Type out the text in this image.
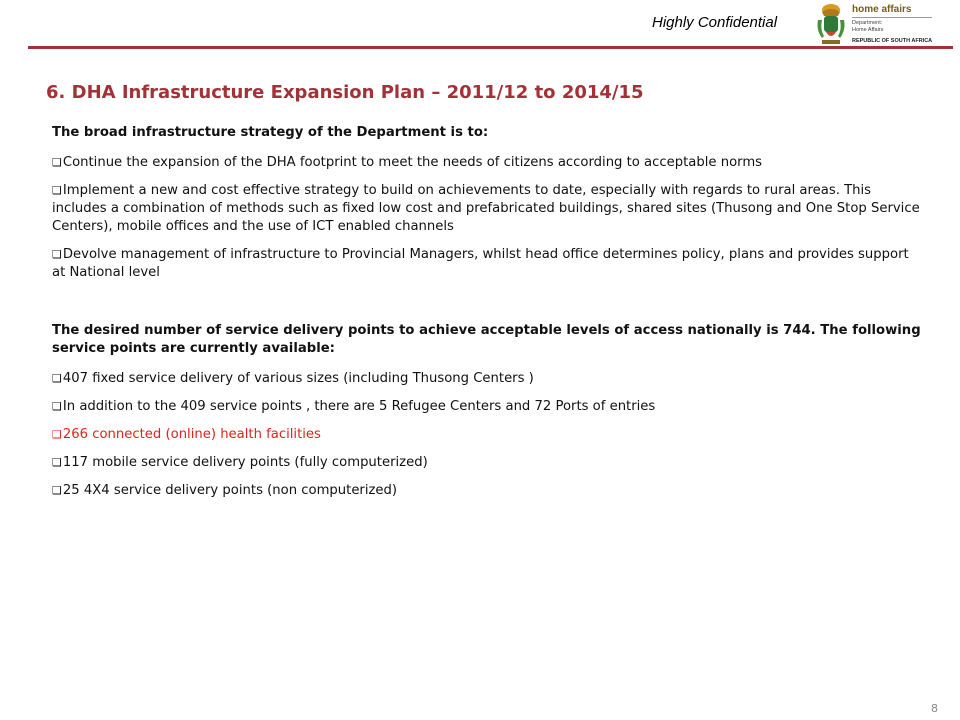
Highly Confidential
home affairs
Department:
Home Affairs
REPUBLIC OF SOUTH AFRICA
6. DHA Infrastructure Expansion Plan – 2011/12 to 2014/15

The broad infrastructure strategy of the Department is to:

❑Continue the expansion of the DHA footprint to meet the needs of citizens according to acceptable norms
❑Implement a new and cost effective strategy to build on achievements to date, especially with regards to rural areas. This includes a combination of methods such as fixed low cost and prefabricated buildings, shared sites (Thusong and One Stop Service Centers), mobile offices and the use of ICT enabled channels
❑Devolve management of infrastructure to Provincial Managers, whilst head office determines policy, plans and provides support at National level

The desired number of service delivery points to achieve acceptable levels of access nationally is 744. The following service points are currently available:

❑407 fixed service delivery of various sizes (including Thusong Centers )
❑In addition to the 409 service points , there are 5 Refugee Centers and 72 Ports of entries
❑266 connected (online) health facilities
❑117 mobile service delivery points (fully computerized)
❑25 4X4 service delivery points (non computerized)
8
